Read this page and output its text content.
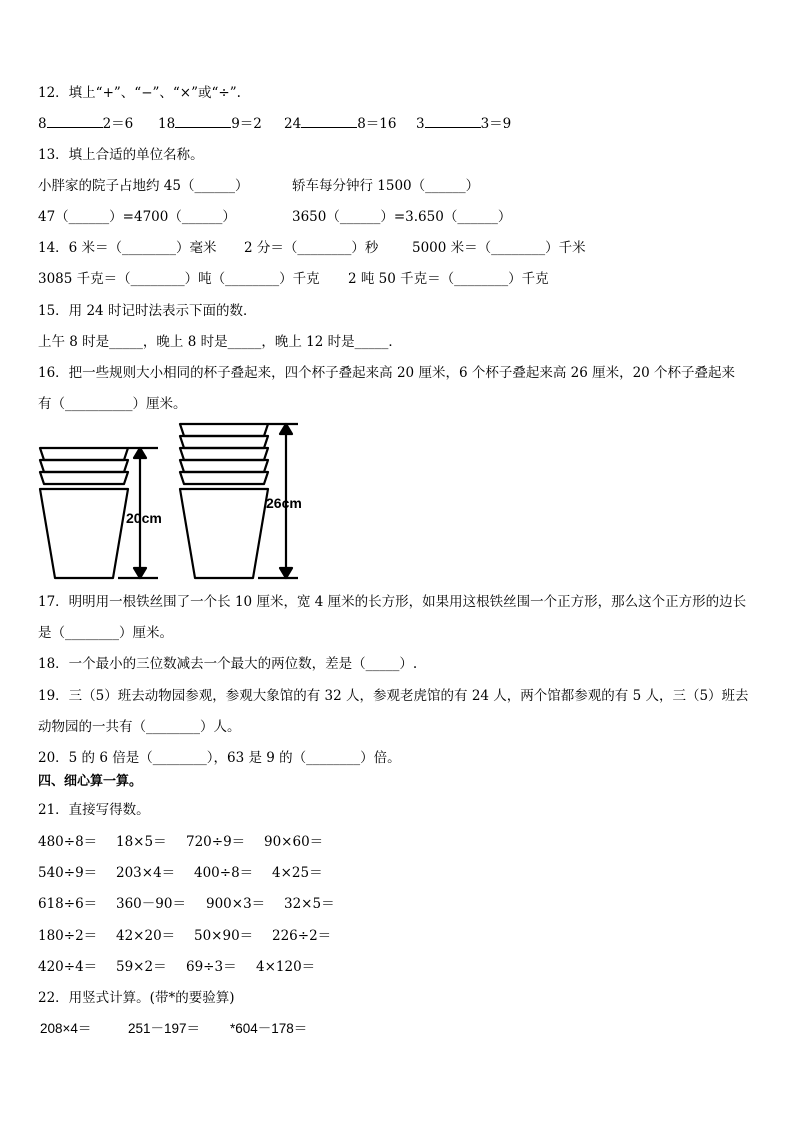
12．填上“+”、“−”、“×”或“÷”.
8	2＝6 18	9＝2 24	8＝16 3	3＝9
13．填上合适的单位名称。
小胖家的院子占地约 45（______）	轿车每分钟行 1500（______）
47（______）=4700（______）	3650（______）=3.650（______）
14．6 米＝（________）毫米 2 分＝（________）秒 5000 米＝（________）千米
3085 千克＝（________）吨（________）千克 2 吨 50 千克＝（________）千克
15．用 24 时记时法表示下面的数．
上午 8 时是_____，晚上 8 时是_____，晚上 12 时是_____．
16．把一些规则大小相同的杯子叠起来，四个杯子叠起来高 20 厘米，6 个杯子叠起来高 26 厘米，20 个杯子叠起来
有（__________）厘米。
20cm
26cm
17．明明用一根铁丝围了一个长 10 厘米，宽 4 厘米的长方形，如果用这根铁丝围一个正方形，那么这个正方形的边长
是（________）厘米。
18．一个最小的三位数减去一个最大的两位数，差是（_____）.
19．三（5）班去动物园参观，参观大象馆的有 32 人，参观老虎馆的有 24 人，两个馆都参观的有 5 人，三（5）班去
动物园的一共有（________）人。
20．5 的 6 倍是（________），63 是 9 的（________）倍。
四、细心算一算。
21．直接写得数。
480÷8＝ 18×5＝ 720÷9＝ 90×60＝
540÷9＝ 203×4＝ 400÷8＝ 4×25＝
618÷6＝ 360－90＝ 900×3＝ 32×5＝
180÷2＝ 42×20＝ 50×90＝ 226÷2＝
420÷4＝ 59×2＝ 69÷3＝ 4×120＝
22．用竖式计算。(带*的要验算)
208×4＝	251－197＝ *604－178＝
